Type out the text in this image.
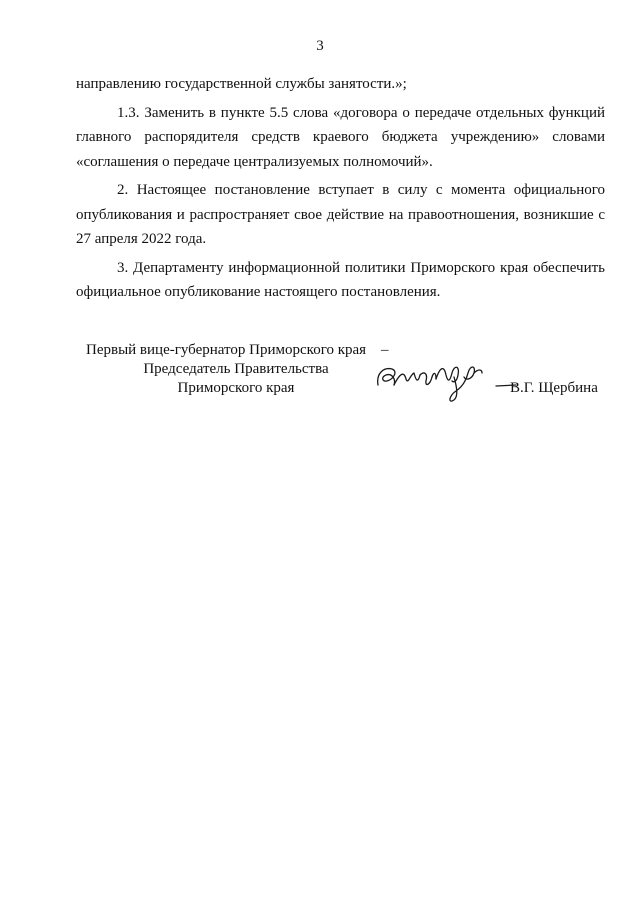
3

направлению государственной службы занятости.»;

1.3. Заменить в пункте 5.5 слова «договора о передаче отдельных функций главного распорядителя средств краевого бюджета учреждению» словами «соглашения о передаче централизуемых полномочий».

2. Настоящее постановление вступает в силу с момента официального опубликования и распространяет свое действие на правоотношения, возникшие с 27 апреля 2022 года.

3. Департаменту информационной политики Приморского края обеспечить официальное опубликование настоящего постановления.

Первый вице-губернатор Приморского края
Председатель Правительства
Приморского края
–
В.Г. Щербина
